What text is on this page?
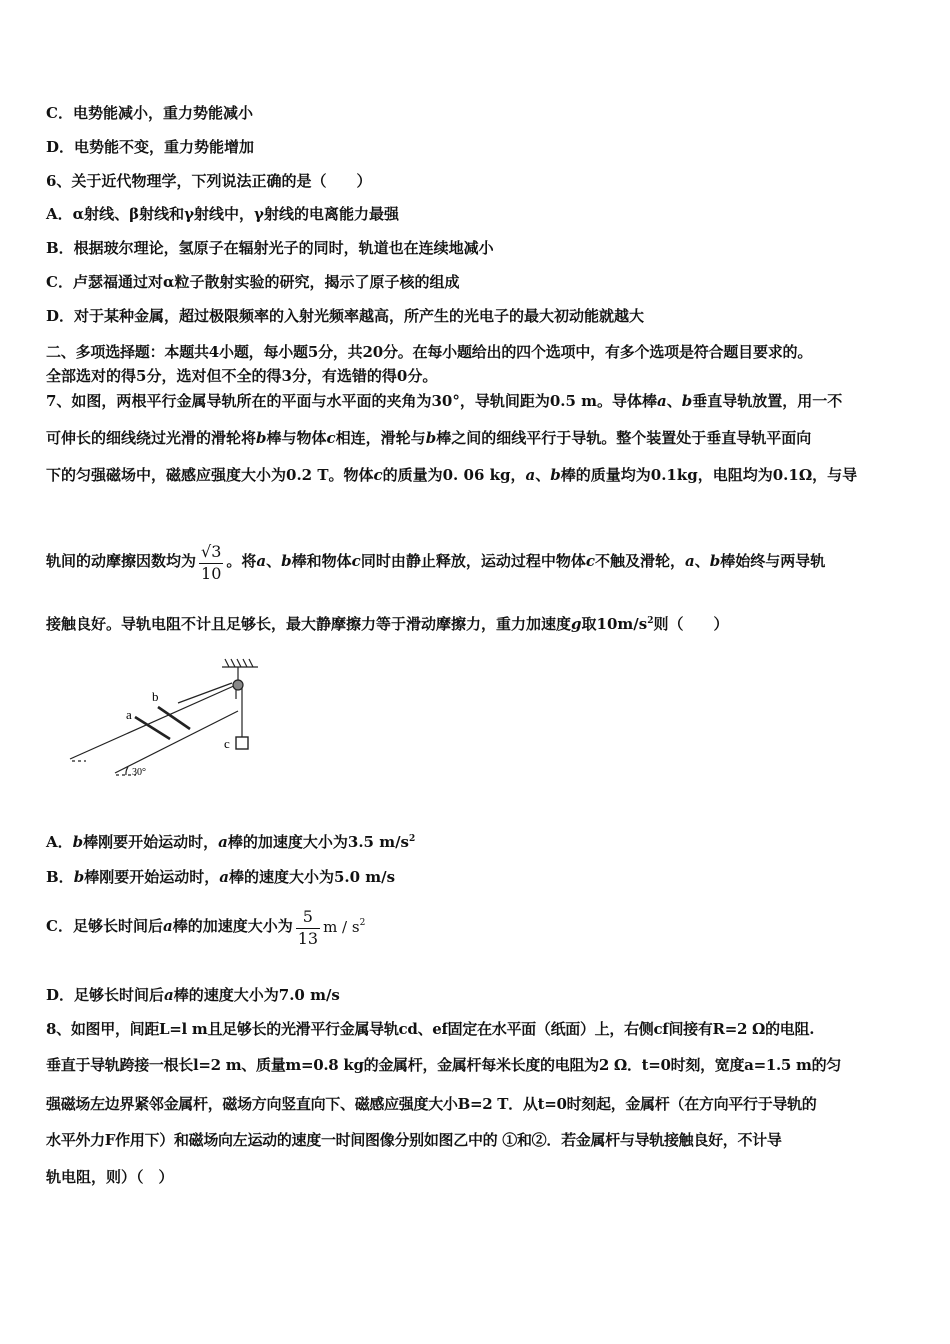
C．电势能减小，重力势能减小
D．电势能不变，重力势能增加
6、关于近代物理学，下列说法正确的是（　　）
A．α射线、β射线和γ射线中，γ射线的电离能力最强
B．根据玻尔理论，氢原子在辐射光子的同时，轨道也在连续地减小
C．卢瑟福通过对α粒子散射实验的研究，揭示了原子核的组成
D．对于某种金属，超过极限频率的入射光频率越高，所产生的光电子的最大初动能就越大
二、多项选择题：本题共4小题，每小题5分，共20分。在每小题给出的四个选项中，有多个选项是符合题目要求的。
全部选对的得5分，选对但不全的得3分，有选错的得0分。
7、如图，两根平行金属导轨所在的平面与水平面的夹角为30°，导轨间距为0.5 m。导体棒a、b垂直导轨放置，用一不
可伸长的细线绕过光滑的滑轮将b棒与物体c相连，滑轮与b棒之间的细线平行于导轨。整个装置处于垂直导轨平面向
下的匀强磁场中，磁感应强度大小为0.2 T。物体c的质量为0. 06 kg，a、b棒的质量均为0.1kg，电阻均为0.1Ω，与导
轨间的动摩擦因数均为 $\frac{√3}{10}$ 。将a、b棒和物体c同时由静止释放，运动过程中物体c不触及滑轮，a、b棒始终与两导轨
接触良好。导轨电阻不计且足够长，最大静摩擦力等于滑动摩擦力，重力加速度g取$10m/s^2$则（　　）
a
b
c
30°
A．b棒刚要开始运动时，a棒的加速度大小为3.5 $m/s^2$
B．b棒刚要开始运动时，a棒的速度大小为5.0 m/s
C．足够长时间后a棒的加速度大小为 $\frac{5}{13}$ m / $s^2$
D．足够长时间后a棒的速度大小为7.0 m/s
8、如图甲，间距L=l m且足够长的光滑平行金属导轨cd、ef固定在水平面（纸面）上，右侧cf间接有R=2 Ω的电阻.
垂直于导轨跨接一根长l=2 m、质量m=0.8 kg的金属杆，金属杆每米长度的电阻为2 Ω．t=0时刻，宽度a=1.5 m的匀
强磁场左边界紧邻金属杆，磁场方向竖直向下、磁感应强度大小B=2 T．从t=0时刻起，金属杆（在方向平行于导轨的
水平外力F作用下）和磁场向左运动的速度一时间图像分别如图乙中的 ①和②．若金属杆与导轨接触良好，不计导
轨电阻，则）（　）
